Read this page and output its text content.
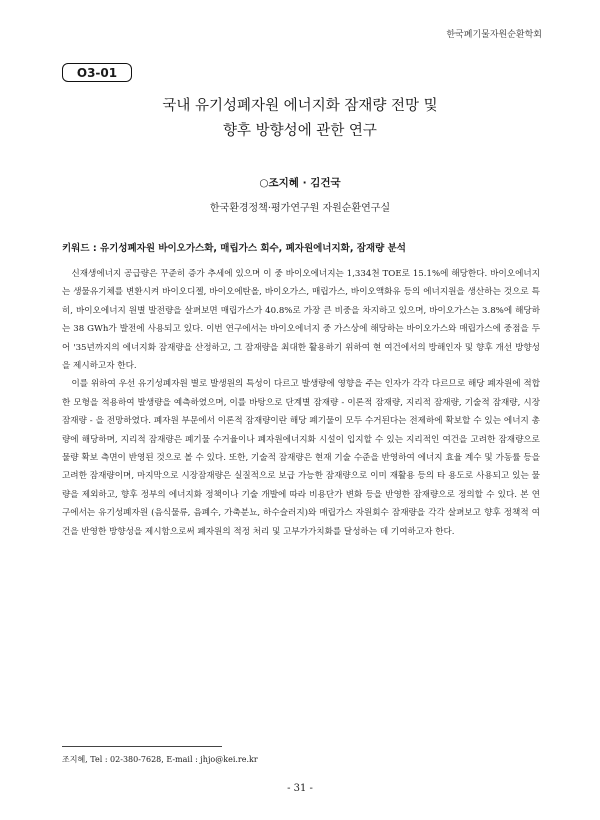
한국폐기물자원순환학회
O3-01
국내 유기성폐자원 에너지화 잠재량 전망 및
향후 방향성에 관한 연구
○조지혜 · 김건국
한국환경정책·평가연구원 자원순환연구실
키워드 : 유기성폐자원 바이오가스화, 매립가스 회수, 폐자원에너지화, 잠재량 분석

신재생에너지 공급량은 꾸준히 증가 추세에 있으며 이 중 바이오에너지는 1,334천 TOE로 15.1%에 해당한다. 바이오에너지는 생물유기체를 변환시켜 바이오디젤, 바이오에탄올, 바이오가스, 매립가스, 바이오액화유 등의 에너지원을 생산하는 것으로 특히, 바이오에너지 원별 발전량을 살펴보면 매립가스가 40.8%로 가장 큰 비중을 차지하고 있으며, 바이오가스는 3.8%에 해당하는 38 GWh가 발전에 사용되고 있다. 이번 연구에서는 바이오에너지 중 가스상에 해당하는 바이오가스와 매립가스에 중점을 두어 '35년까지의 에너지화 잠재량을 산정하고, 그 잠재량을 최대한 활용하기 위하여 현 여건에서의 방해인자 및 향후 개선 방향성을 제시하고자 한다.

이를 위하여 우선 유기성폐자원 별로 발생원의 특성이 다르고 발생량에 영향을 주는 인자가 각각 다르므로 해당 폐자원에 적합한 모형을 적용하여 발생량을 예측하였으며, 이를 바탕으로 단계별 잠재량 - 이론적 잠재량, 지리적 잠재량, 기술적 잠재량, 시장 잠재량 - 을 전망하였다. 폐자원 부문에서 이론적 잠재량이란 해당 폐기물이 모두 수거된다는 전제하에 확보할 수 있는 에너지 총량에 해당하며, 지리적 잠재량은 폐기물 수거율이나 폐자원에너지화 시설이 입지할 수 있는 지리적인 여건을 고려한 잠재량으로 물량 확보 측면이 반영된 것으로 볼 수 있다. 또한, 기술적 잠재량은 현재 기술 수준을 반영하여 에너지 효율 계수 및 가동률 등을 고려한 잠재량이며, 마지막으로 시장잠재량은 실질적으로 보급 가능한 잠재량으로 이미 재활용 등의 타 용도로 사용되고 있는 물량을 제외하고, 향후 정부의 에너지화 정책이나 기술 개발에 따라 비용단가 변화 등을 반영한 잠재량으로 정의할 수 있다. 본 연구에서는 유기성폐자원 (음식물류, 음폐수, 가축분뇨, 하수슬러지)와 매립가스 자원회수 잠재량을 각각 살펴보고 향후 정책적 여건을 반영한 방향성을 제시함으로써 폐자원의 적정 처리 및 고부가가치화를 달성하는 데 기여하고자 한다.

조지혜, Tel : 02-380-7628, E-mail : jhjo@kei.re.kr
- 31 -
